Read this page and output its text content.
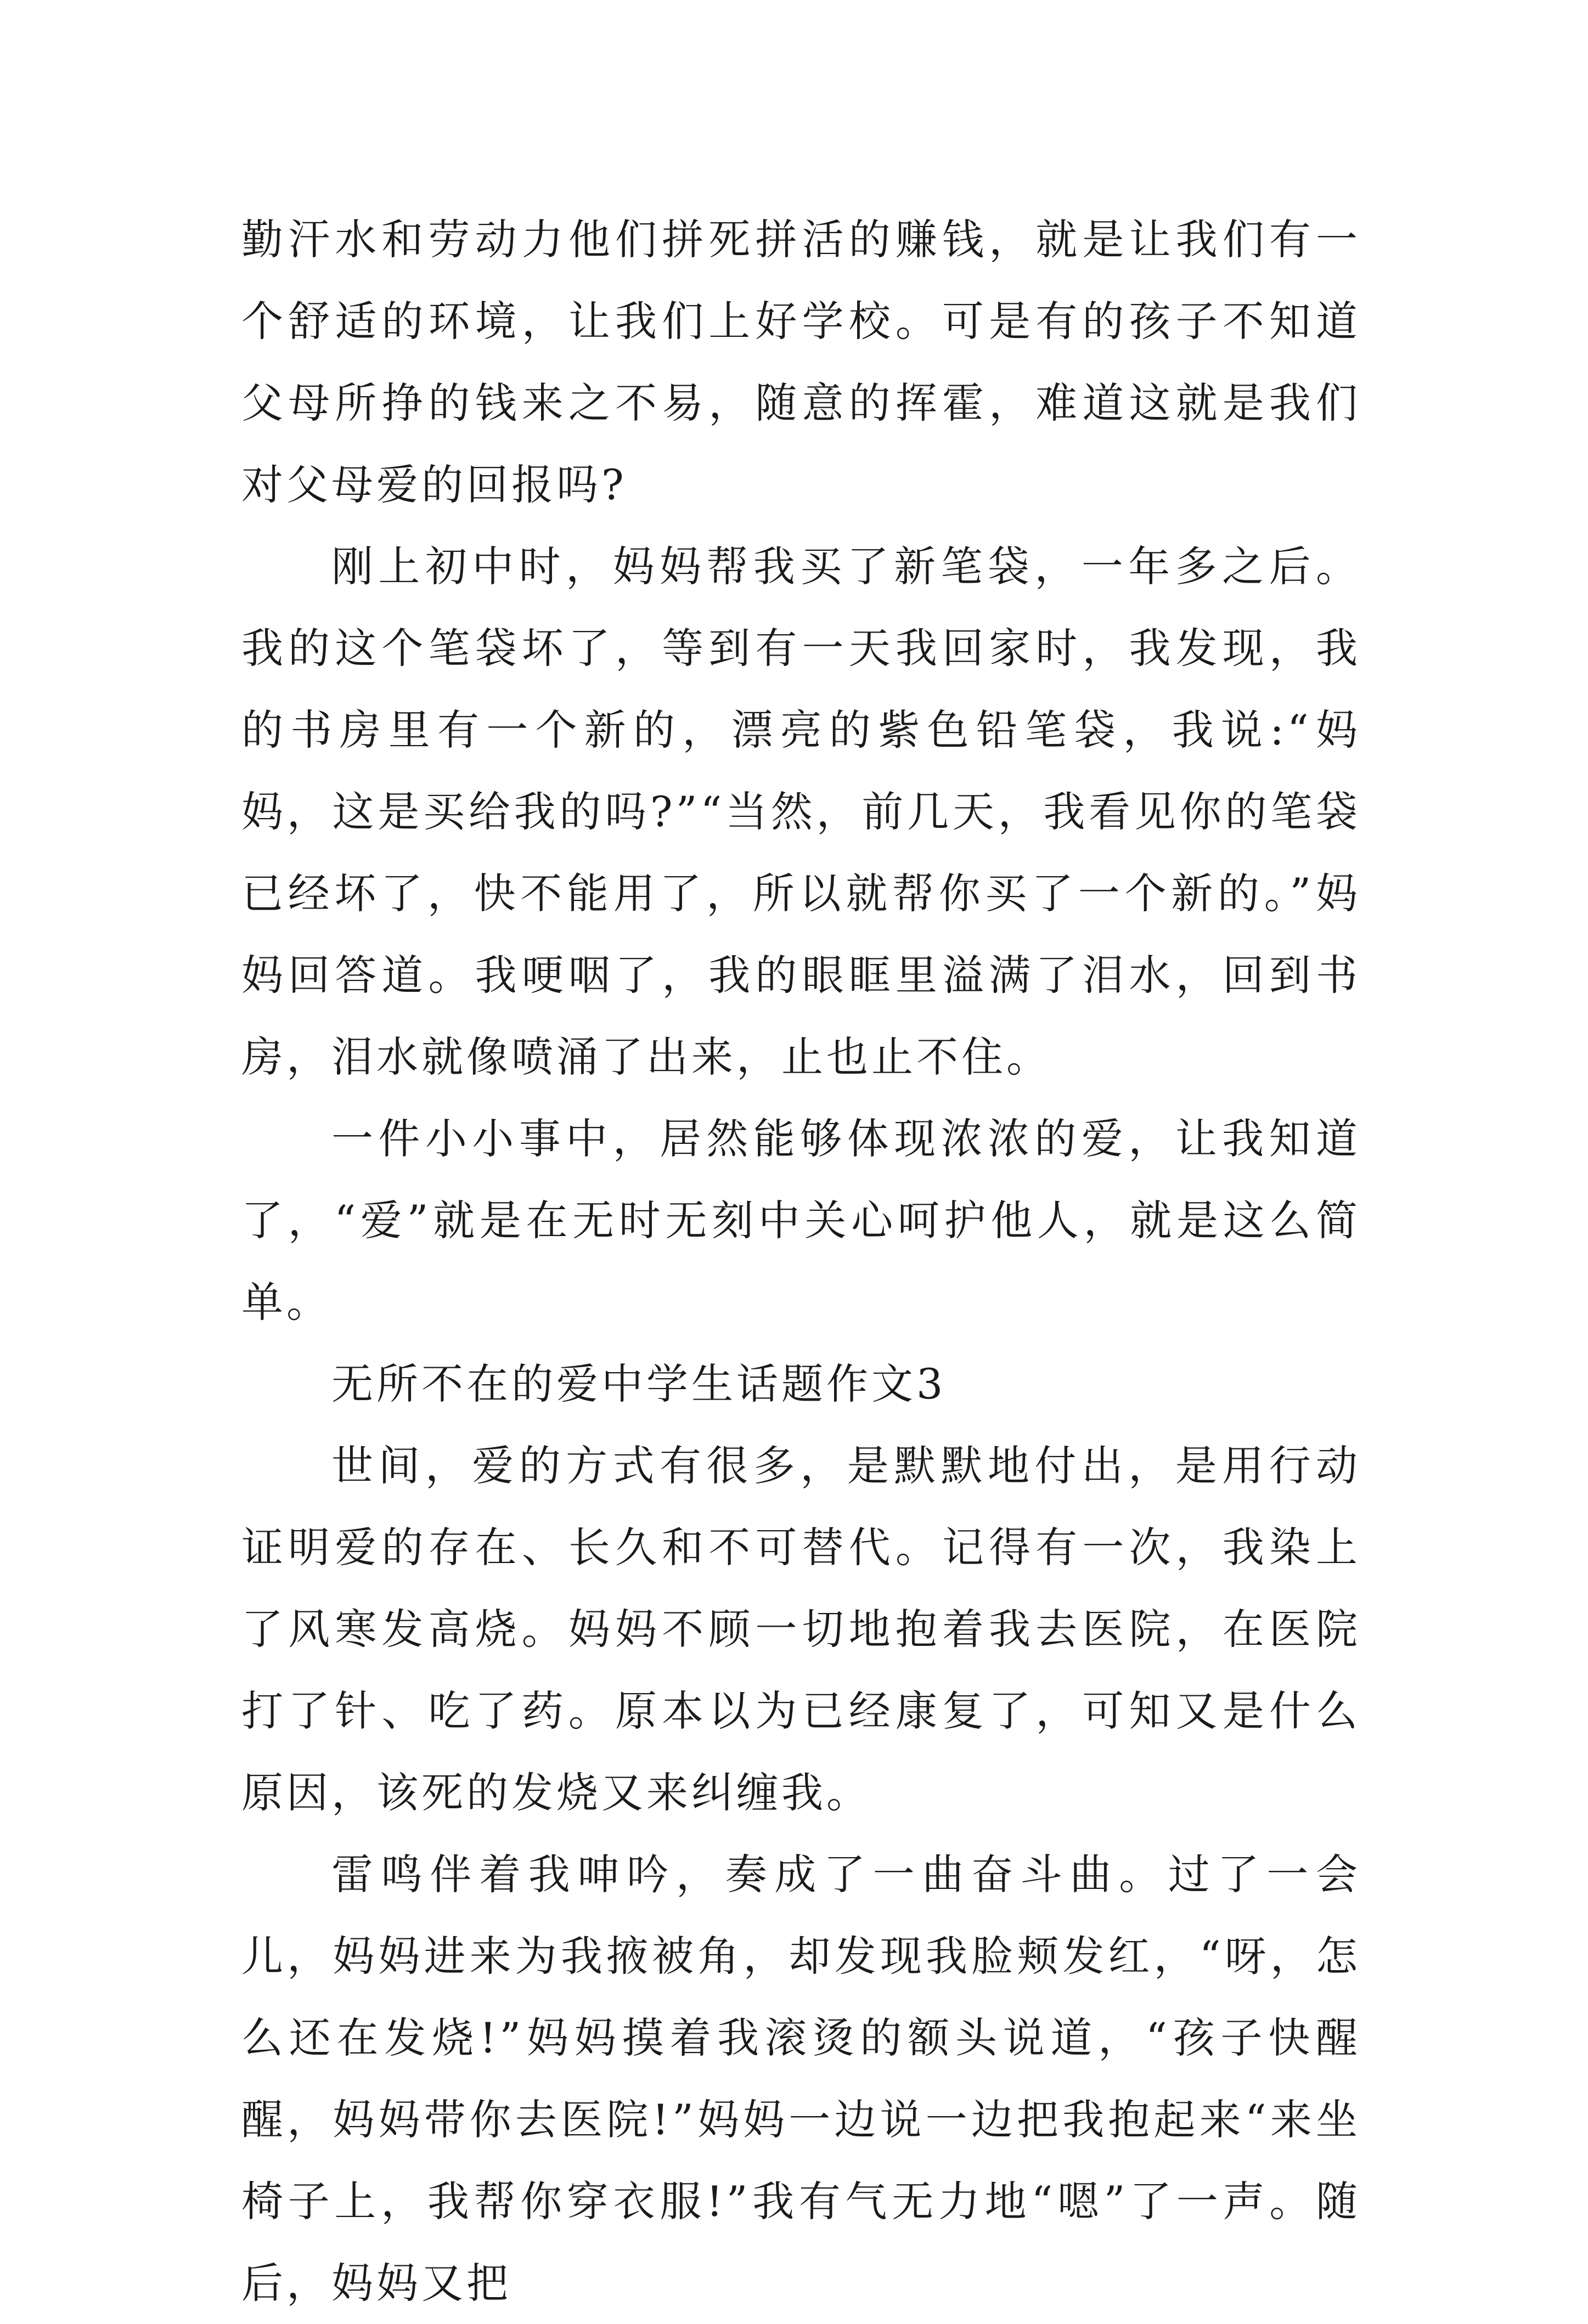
勤汗水和劳动力他们拼死拼活的赚钱，就是让我们有一个舒适的环境，让我们上好学校。可是有的孩子不知道父母所挣的钱来之不易，随意的挥霍，难道这就是我们对父母爱的回报吗?

刚上初中时，妈妈帮我买了新笔袋，一年多之后。我的这个笔袋坏了，等到有一天我回家时，我发现，我的书房里有一个新的，漂亮的紫色铅笔袋，我说:“妈妈，这是买给我的吗?”“当然，前几天，我看见你的笔袋已经坏了，快不能用了，所以就帮你买了一个新的。”妈妈回答道。我哽咽了，我的眼眶里溢满了泪水，回到书房，泪水就像喷涌了出来，止也止不住。

一件小小事中，居然能够体现浓浓的爱，让我知道了，“爱”就是在无时无刻中关心呵护他人，就是这么简单。

无所不在的爱中学生话题作文3

世间，爱的方式有很多，是默默地付出，是用行动证明爱的存在、长久和不可替代。记得有一次，我染上了风寒发高烧。妈妈不顾一切地抱着我去医院，在医院打了针、吃了药。原本以为已经康复了，可知又是什么原因，该死的发烧又来纠缠我。

雷鸣伴着我呻吟，奏成了一曲奋斗曲。过了一会儿，妈妈进来为我掖被角，却发现我脸颊发红，“呀，怎么还在发烧!”妈妈摸着我滚烫的额头说道，“孩子快醒醒，妈妈带你去医院!”妈妈一边说一边把我抱起来“来坐椅子上，我帮你穿衣服!”我有气无力地“嗯”了一声。随后，妈妈又把
